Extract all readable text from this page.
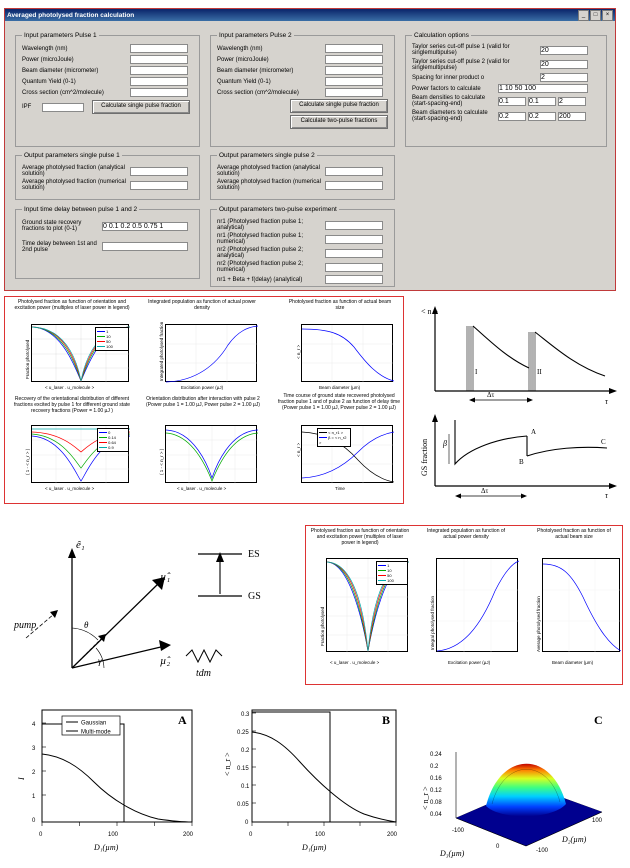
Averaged photolysed fraction calculation	_	□	×
Input parameters Pulse 1
Wavelength (nm)
Power (microJoule)
Beam diameter (micrometer)
Quantum Yield (0-1)
Cross section (cm^2/molecule)
IPF	Calculate single pulse fraction
Input parameters Pulse 2
Wavelength (nm)
Power (microJoule)
Beam diameter (micrometer)
Quantum Yield (0-1)
Cross section (cm^2/molecule)
Calculate single pulse fraction
Calculate two-pulse fractions
Calculation options
Taylor series cut-off pulse 1 (valid for singlemultipulse)	20
Taylor series cut-off pulse 2 (valid for singlemultipulse)	20
Spacing for inner product o	2
Power factors to calculate	1 10 50 100
Beam densities to calculate (start-spacing-end)	0.1	0.1	2
Beam diameters to calculate (start-spacing-end)	0.2	0.2	200
Output parameters single pulse 1
Average photolysed fraction (analytical solution)
Average photolysed fraction (numerical solution)
Output parameters single pulse 2
Average photolysed fraction (analytical solution)
Average photolysed fraction (numerical solution)
Input time delay between pulse 1 and 2
Ground state recovery fractions to plot (0-1)	0 0.1 0.2 0.5 0.75 1
Time delay between 1st and 2nd pulse
Output parameters two-pulse experiment
nr1 (Photolysed fraction pulse 1; analytical)
nr1 (Photolysed fraction pulse 1; numerical)
nr2 (Photolysed fraction pulse 2; analytical)
nr2 (Photolysed fraction pulse 2; numerical)
nr1 + Beta + f(delay) (analytical)
Photolysed fraction as function of orientation and excitation power (multiples of laser power in legend)
1
10
50
100
Fraction photolysed
< u_laser . u_molecule >
Integrated population as function of actual power density
Integrated photolysed fraction
Excitation power (µJ)
Photolysed fraction as function of actual beam size
< n_r >
Beam diameter (µm)
Recovery of the orientational distribution of different fractions excited by pulse 1 for different ground state recovery fractions (Power = 1.00 µJ )
0
0.14
0.64
0.9
( 1 - < n_r > )
< u_laser . u_molecule >
Orientation distribution after interaction with pulse 2 (Power pulse 1 = 1.00 µJ, Power pulse 2 = 1.00 µJ)
( 1 - < n_r > )
< u_laser . u_molecule >
Time course of ground state recovered photolysed fraction pulse 1 and of pulse 2 as function of delay time (Power pulse 1 = 1.00 µJ, Power pulse 2 = 1.00 µJ)
< n_r1 >
β = < n_r2 >
< n_r >
Time
I	II
< n >
τ
Δτ
A
B
C
β
GS fraction
τ
Δτ
ê₁
µ̂₁
µ̂₂
θ
γ
pump
tdm
ES
GS
Photolysed fraction as function of orientation and excitation power (multiples of laser power in legend)
1
10
50
100
Fraction photolysed
< u_laser . u_molecule >
Integrated population as function of actual power density
Integral photolysed fraction
Excitation power (µJ)
Photolysed fraction as function of actual beam size
Average photolysed fraction
Beam diameter (µm)
Gaussian
Multi-mode
4
3
2
1
0
0	100	200
D₁(µm)
I
A
0.25
0.2
0.15
0.1
0.05
0
0.3
0	100	200
D₁(µm)
< n_r >
B
0.24
0.2
0.16
0.12
0.08
0.04
< n_r >
-100
0
-100
100
D₃(µm)
D₂(µm)
C
